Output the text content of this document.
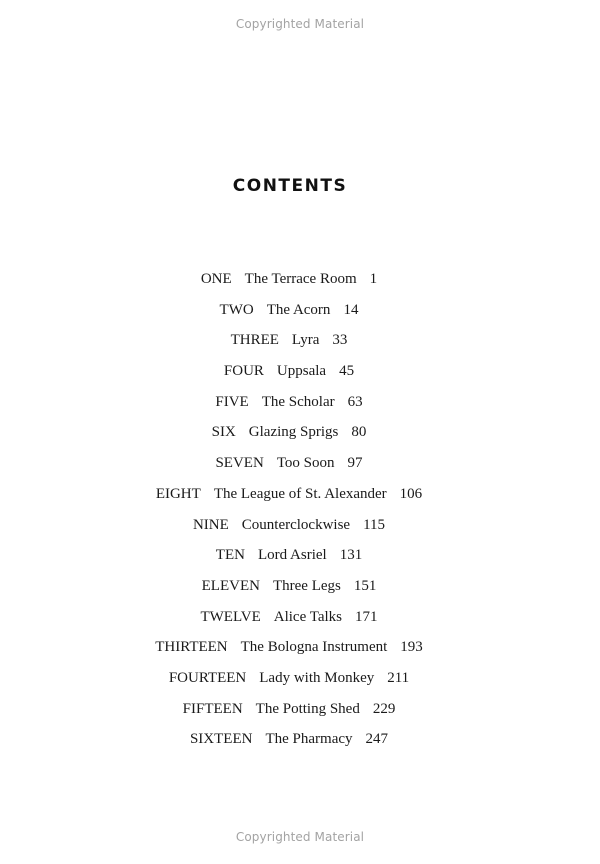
Copyrighted Material
CONTENTS
ONE The Terrace Room 1
TWO The Acorn 14
THREE Lyra 33
FOUR Uppsala 45
FIVE The Scholar 63
SIX Glazing Sprigs 80
SEVEN Too Soon 97
EIGHT The League of St. Alexander 106
NINE Counterclockwise 115
TEN Lord Asriel 131
ELEVEN Three Legs 151
TWELVE Alice Talks 171
THIRTEEN The Bologna Instrument 193
FOURTEEN Lady with Monkey 211
FIFTEEN The Potting Shed 229
SIXTEEN The Pharmacy 247
Copyrighted Material
